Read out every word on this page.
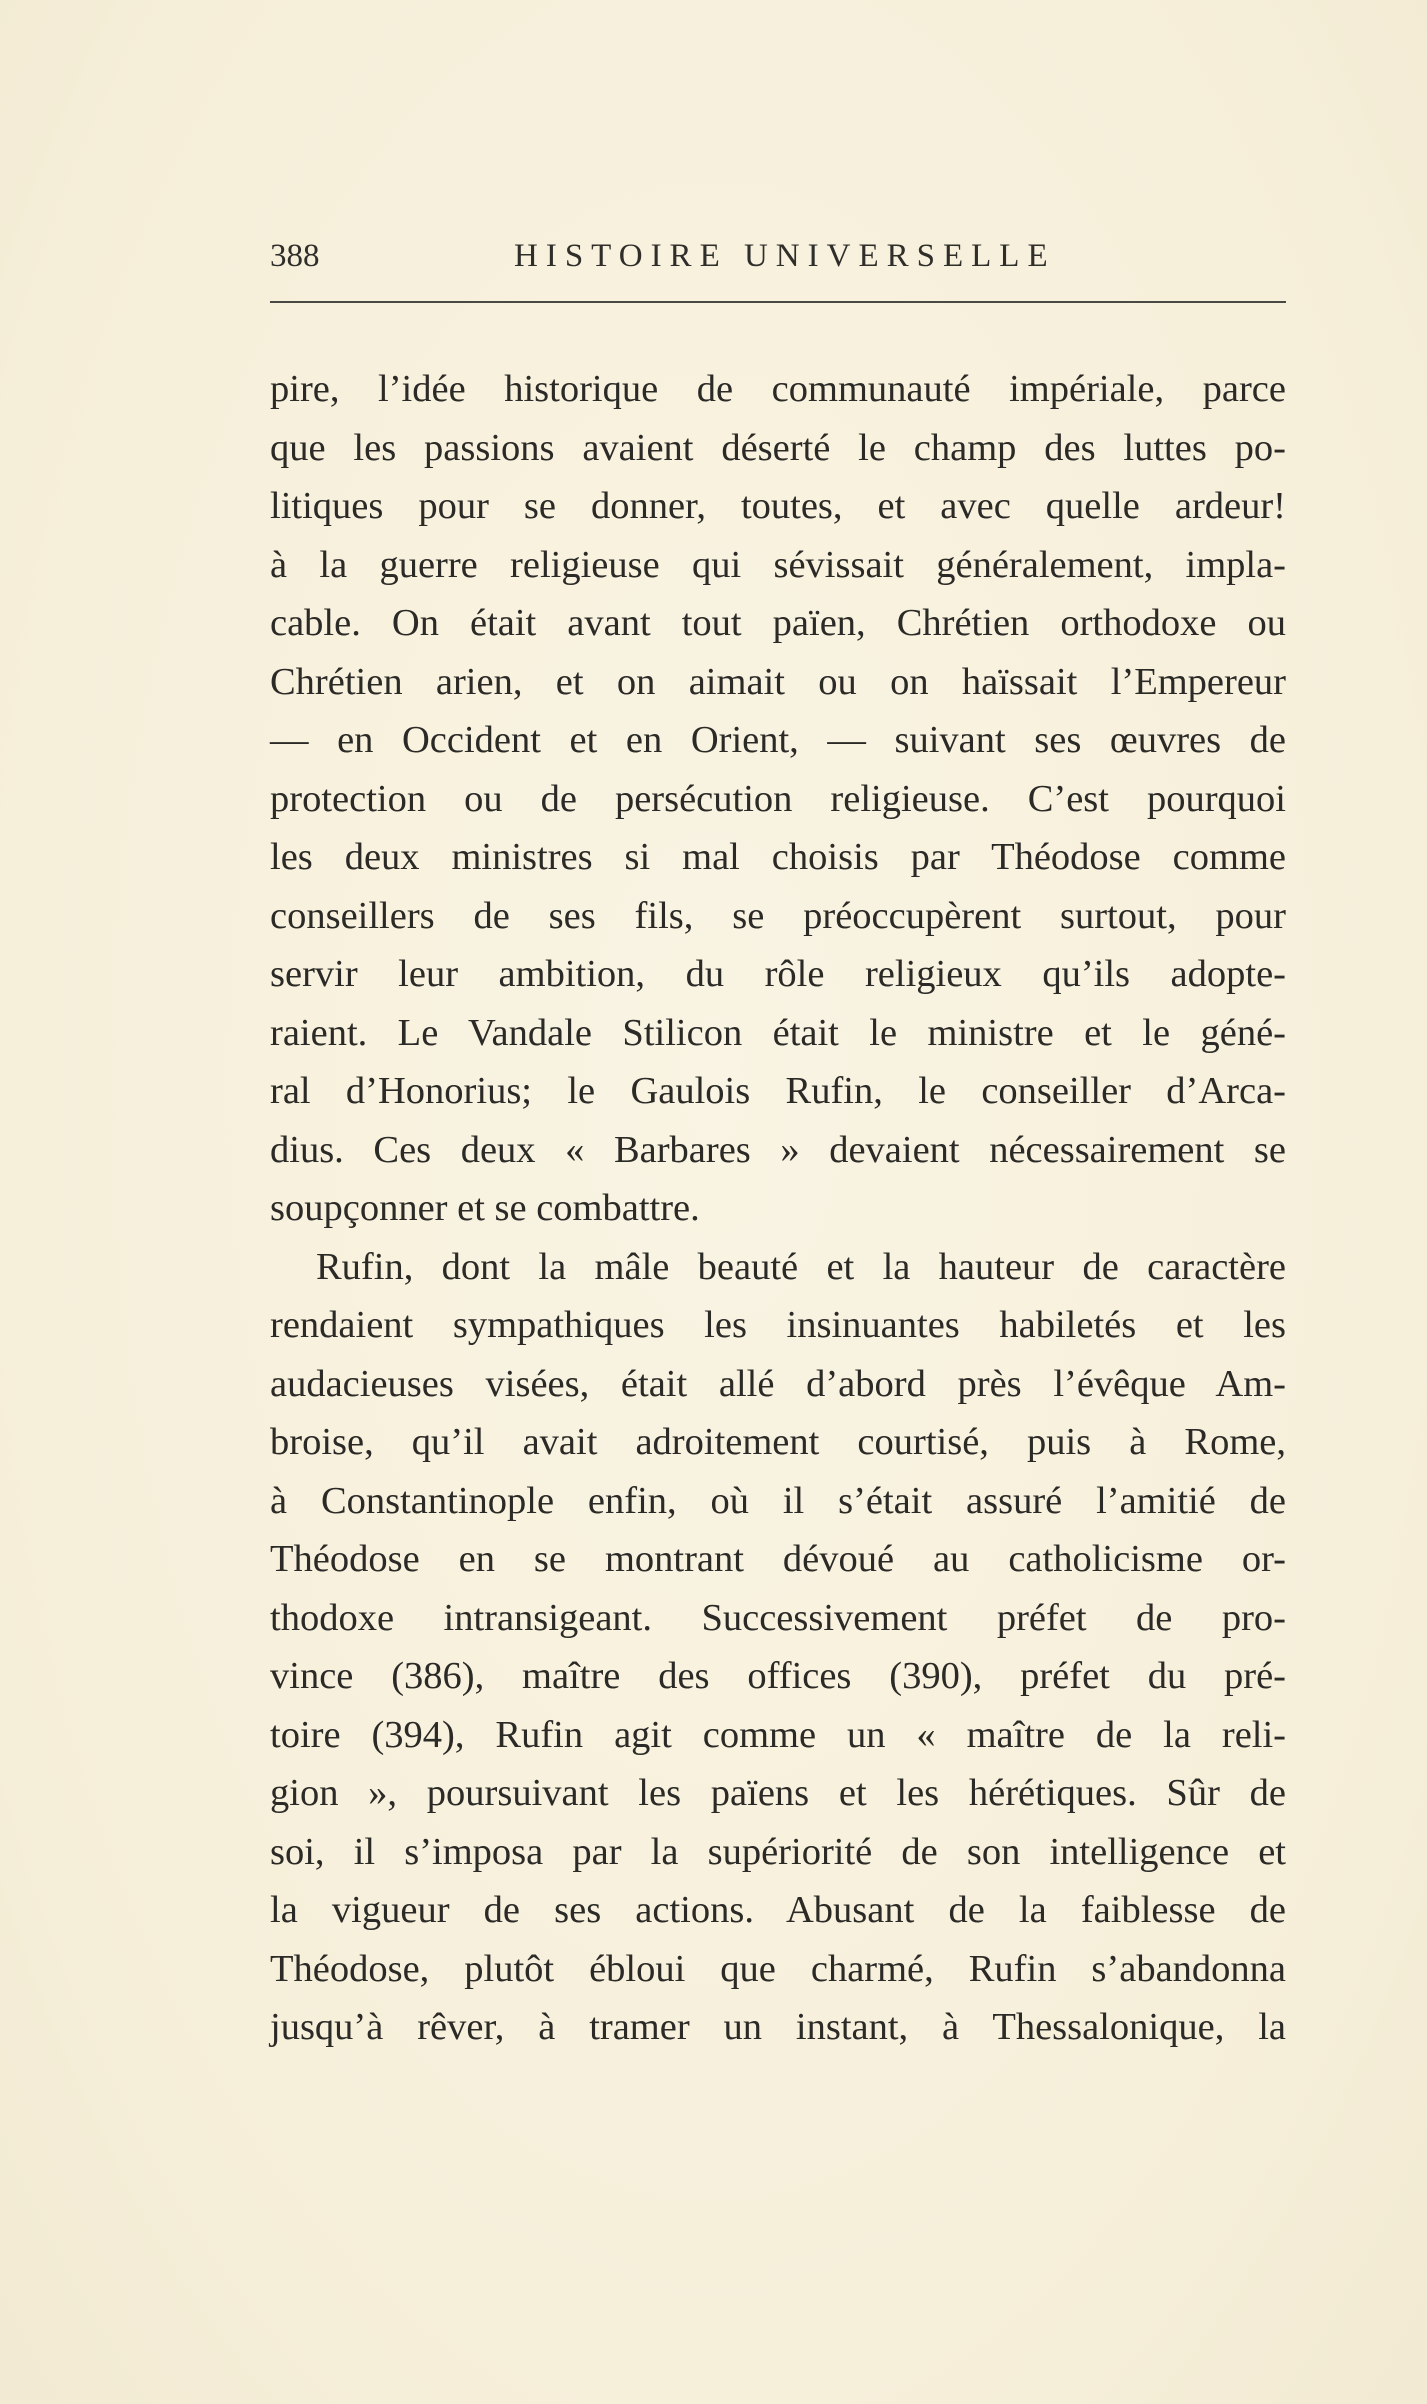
388	HISTOIRE UNIVERSELLE
pire, l’idée historique de communauté impériale, parce
que les passions avaient déserté le champ des luttes po-
litiques pour se donner, toutes, et avec quelle ardeur!
à la guerre religieuse qui sévissait généralement, impla-
cable. On était avant tout païen, Chrétien orthodoxe ou
Chrétien arien, et on aimait ou on haïssait l’Empereur
— en Occident et en Orient, — suivant ses œuvres de
protection ou de persécution religieuse. C’est pourquoi
les deux ministres si mal choisis par Théodose comme
conseillers de ses fils, se préoccupèrent surtout, pour
servir leur ambition, du rôle religieux qu’ils adopte-
raient. Le Vandale Stilicon était le ministre et le géné-
ral d’Honorius; le Gaulois Rufin, le conseiller d’Arca-
dius. Ces deux « Barbares » devaient nécessairement se
soupçonner et se combattre.
Rufin, dont la mâle beauté et la hauteur de caractère
rendaient sympathiques les insinuantes habiletés et les
audacieuses visées, était allé d’abord près l’évêque Am-
broise, qu’il avait adroitement courtisé, puis à Rome,
à Constantinople enfin, où il s’était assuré l’amitié de
Théodose en se montrant dévoué au catholicisme or-
thodoxe intransigeant. Successivement préfet de pro-
vince (386), maître des offices (390), préfet du pré-
toire (394), Rufin agit comme un « maître de la reli-
gion », poursuivant les païens et les hérétiques. Sûr de
soi, il s’imposa par la supériorité de son intelligence et
la vigueur de ses actions. Abusant de la faiblesse de
Théodose, plutôt ébloui que charmé, Rufin s’abandonna
jusqu’à rêver, à tramer un instant, à Thessalonique, la
